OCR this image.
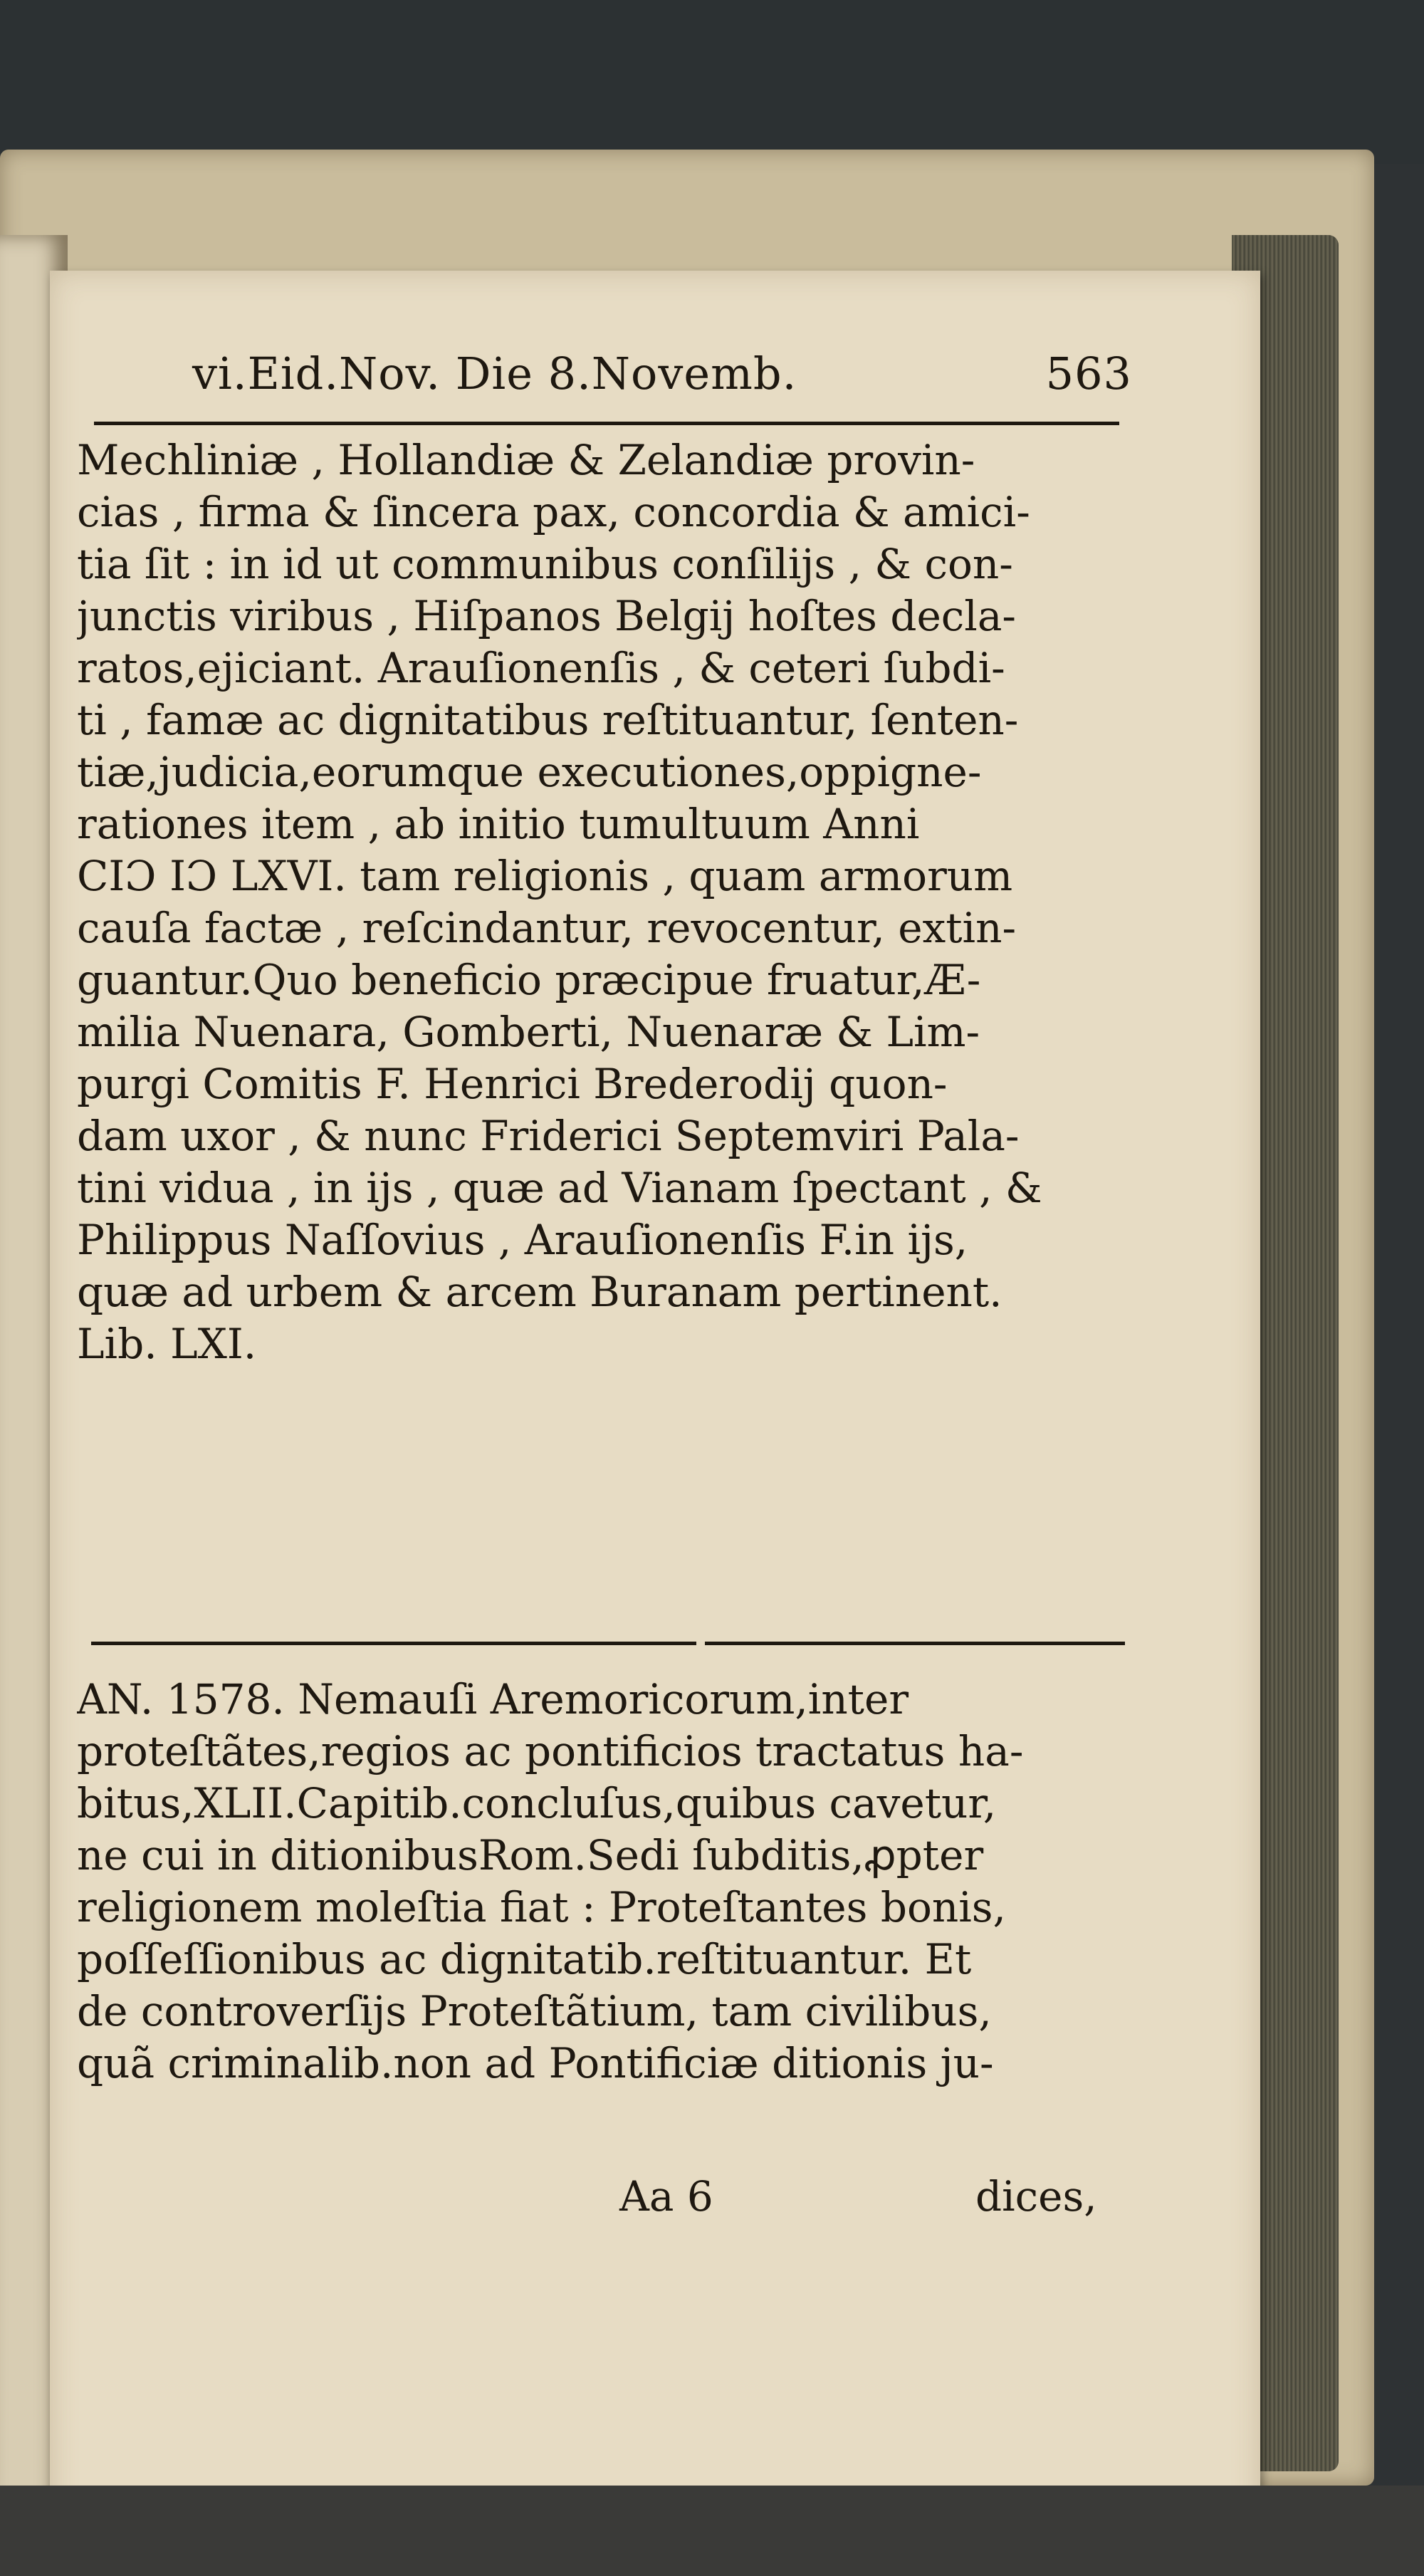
vi.Eid.Nov. Die 8.Novemb.	563
Mechliniæ , Hollandiæ & Zelandiæ provin-
cias , firma & ſincera pax, concordia & amici-
tia ſit : in id ut communibus conſilijs , & con-
junctis viribus , Hiſpanos Belgij hoſtes decla-
ratos,ejiciant. Arauſionenſis , & ceteri ſubdi-
ti , famæ ac dignitatibus reſtituantur, ſenten-
tiæ,judicia,eorumque executiones,oppigne-
rationes item , ab initio tumultuum Anni
CIƆ IƆ LXVI. tam religionis , quam armorum
cauſa factæ , reſcindantur, revocentur, extin-
guantur.Quo beneficio præcipue fruatur,Æ-
milia Nuenara, Gomberti, Nuenaræ & Lim-
purgi Comitis F. Henrici Brederodij quon-
dam uxor , & nunc Friderici Septemviri Pala-
tini vidua , in ijs , quæ ad Vianam ſpectant , &
Philippus Naſſovius , Arauſionenſis F.in ijs,
quæ ad urbem & arcem Buranam pertinent.
Lib. LXI.
AN. 1578. Nemauſi Aremoricorum,inter
proteſtãtes,regios ac pontificios tractatus ha-
bitus,XLII.Capitib.concluſus,quibus cavetur,
ne cui in ditionibusRom.Sedi ſubditis,ꝓpter
religionem moleſtia fiat : Proteſtantes bonis,
poſſeſſionibus ac dignitatib.reſtituantur. Et
de controverſijs Proteſtãtium, tam civilibus,
quã criminalib.non ad Pontificiæ ditionis ju-
Aa 6	dices,
